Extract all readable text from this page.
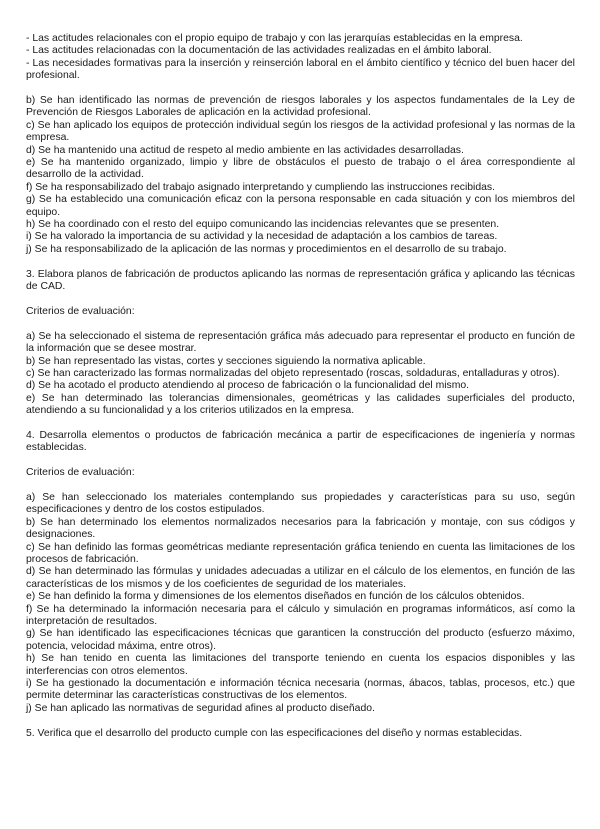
- Las actitudes relacionales con el propio equipo de trabajo y con las jerarquías establecidas en la empresa.

- Las actitudes relacionadas con la documentación de las actividades realizadas en el ámbito laboral.

- Las necesidades formativas para la inserción y reinserción laboral en el ámbito científico y técnico del buen hacer del profesional.

b) Se han identificado las normas de prevención de riesgos laborales y los aspectos fundamentales de la Ley de Prevención de Riesgos Laborales de aplicación en la actividad profesional.

c) Se han aplicado los equipos de protección individual según los riesgos de la actividad profesional y las normas de la empresa.

d) Se ha mantenido una actitud de respeto al medio ambiente en las actividades desarrolladas.

e) Se ha mantenido organizado, limpio y libre de obstáculos el puesto de trabajo o el área correspondiente al desarrollo de la actividad.

f) Se ha responsabilizado del trabajo asignado interpretando y cumpliendo las instrucciones recibidas.

g) Se ha establecido una comunicación eficaz con la persona responsable en cada situación y con los miembros del equipo.

h) Se ha coordinado con el resto del equipo comunicando las incidencias relevantes que se presenten.

i) Se ha valorado la importancia de su actividad y la necesidad de adaptación a los cambios de tareas.

j) Se ha responsabilizado de la aplicación de las normas y procedimientos en el desarrollo de su trabajo.

3. Elabora planos de fabricación de productos aplicando las normas de representación gráfica y aplicando las técnicas de CAD.

Criterios de evaluación:

a) Se ha seleccionado el sistema de representación gráfica más adecuado para representar el producto en función de la información que se desee mostrar.

b) Se han representado las vistas, cortes y secciones siguiendo la normativa aplicable.

c) Se han caracterizado las formas normalizadas del objeto representado (roscas, soldaduras, entalladuras y otros).

d) Se ha acotado el producto atendiendo al proceso de fabricación o la funcionalidad del mismo.

e) Se han determinado las tolerancias dimensionales, geométricas y las calidades superficiales del producto, atendiendo a su funcionalidad y a los criterios utilizados en la empresa.

4. Desarrolla elementos o productos de fabricación mecánica a partir de especificaciones de ingeniería y normas establecidas.

Criterios de evaluación:

a) Se han seleccionado los materiales contemplando sus propiedades y características para su uso, según especificaciones y dentro de los costos estipulados.

b) Se han determinado los elementos normalizados necesarios para la fabricación y montaje, con sus códigos y designaciones.

c) Se han definido las formas geométricas mediante representación gráfica teniendo en cuenta las limitaciones de los procesos de fabricación.

d) Se han determinado las fórmulas y unidades adecuadas a utilizar en el cálculo de los elementos, en función de las características de los mismos y de los coeficientes de seguridad de los materiales.

e) Se han definido la forma y dimensiones de los elementos diseñados en función de los cálculos obtenidos.

f) Se ha determinado la información necesaria para el cálculo y simulación en programas informáticos, así como la interpretación de resultados.

g) Se han identificado las especificaciones técnicas que garanticen la construcción del producto (esfuerzo máximo, potencia, velocidad máxima, entre otros).

h) Se han tenido en cuenta las limitaciones del transporte teniendo en cuenta los espacios disponibles y las interferencias con otros elementos.

i) Se ha gestionado la documentación e información técnica necesaria (normas, ábacos, tablas, procesos, etc.) que permite determinar las características constructivas de los elementos.

j) Se han aplicado las normativas de seguridad afines al producto diseñado.

5. Verifica que el desarrollo del producto cumple con las especificaciones del diseño y normas establecidas.
